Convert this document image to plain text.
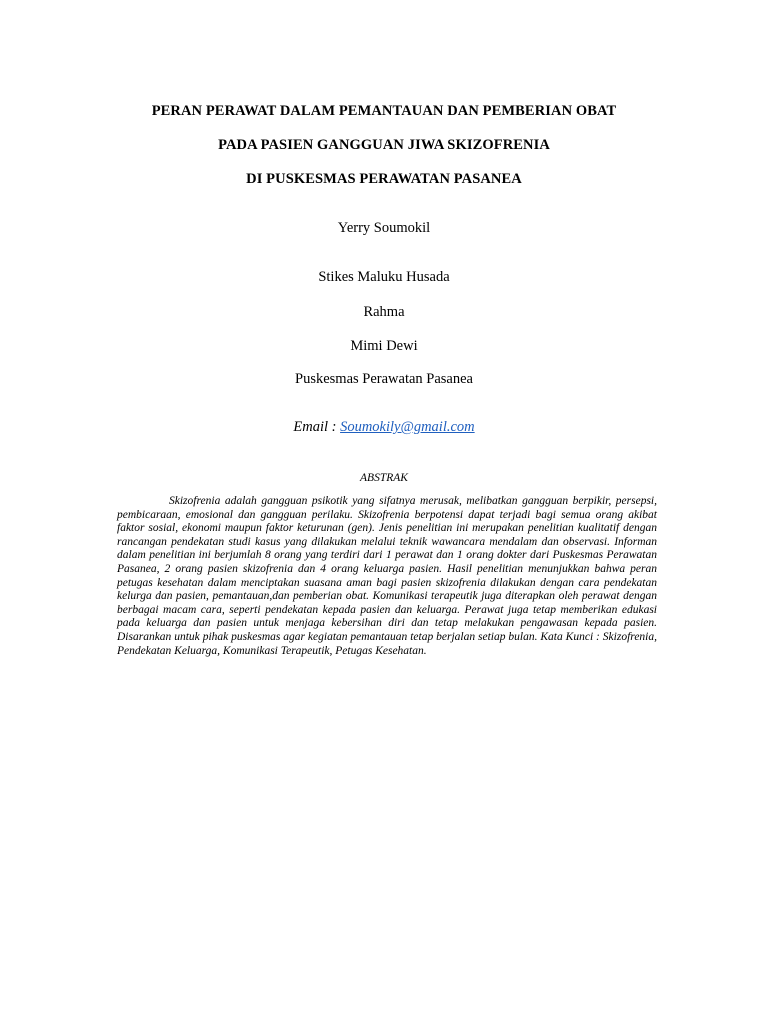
PERAN PERAWAT DALAM PEMANTAUAN DAN PEMBERIAN OBAT
PADA PASIEN GANGGUAN JIWA SKIZOFRENIA
DI PUSKESMAS PERAWATAN PASANEA
Yerry Soumokil
Stikes Maluku Husada
Rahma
Mimi Dewi
Puskesmas Perawatan Pasanea
Email : Soumokily@gmail.com
ABSTRAK
Skizofrenia adalah gangguan psikotik yang sifatnya merusak, melibatkan gangguan berpikir, persepsi, pembicaraan, emosional dan gangguan perilaku. Skizofrenia berpotensi dapat terjadi bagi semua orang akibat faktor sosial, ekonomi maupun faktor keturunan (gen). Jenis penelitian ini merupakan penelitian kualitatif dengan rancangan pendekatan studi kasus yang dilakukan melalui teknik wawancara mendalam dan observasi. Informan dalam penelitian ini berjumlah 8 orang yang terdiri dari 1 perawat dan 1 orang dokter dari Puskesmas Perawatan Pasanea, 2 orang pasien skizofrenia dan 4 orang keluarga pasien. Hasil penelitian menunjukkan bahwa peran petugas kesehatan dalam menciptakan suasana aman bagi pasien skizofrenia dilakukan dengan cara pendekatan kelurga dan pasien, pemantauan,dan pemberian obat. Komunikasi terapeutik juga diterapkan oleh perawat dengan berbagai macam cara, seperti pendekatan kepada pasien dan keluarga. Perawat juga tetap memberikan edukasi pada keluarga dan pasien untuk menjaga kebersihan diri dan tetap melakukan pengawasan kepada pasien. Disarankan untuk pihak puskesmas agar kegiatan pemantauan tetap berjalan setiap bulan. Kata Kunci : Skizofrenia, Pendekatan Keluarga, Komunikasi Terapeutik, Petugas Kesehatan.
